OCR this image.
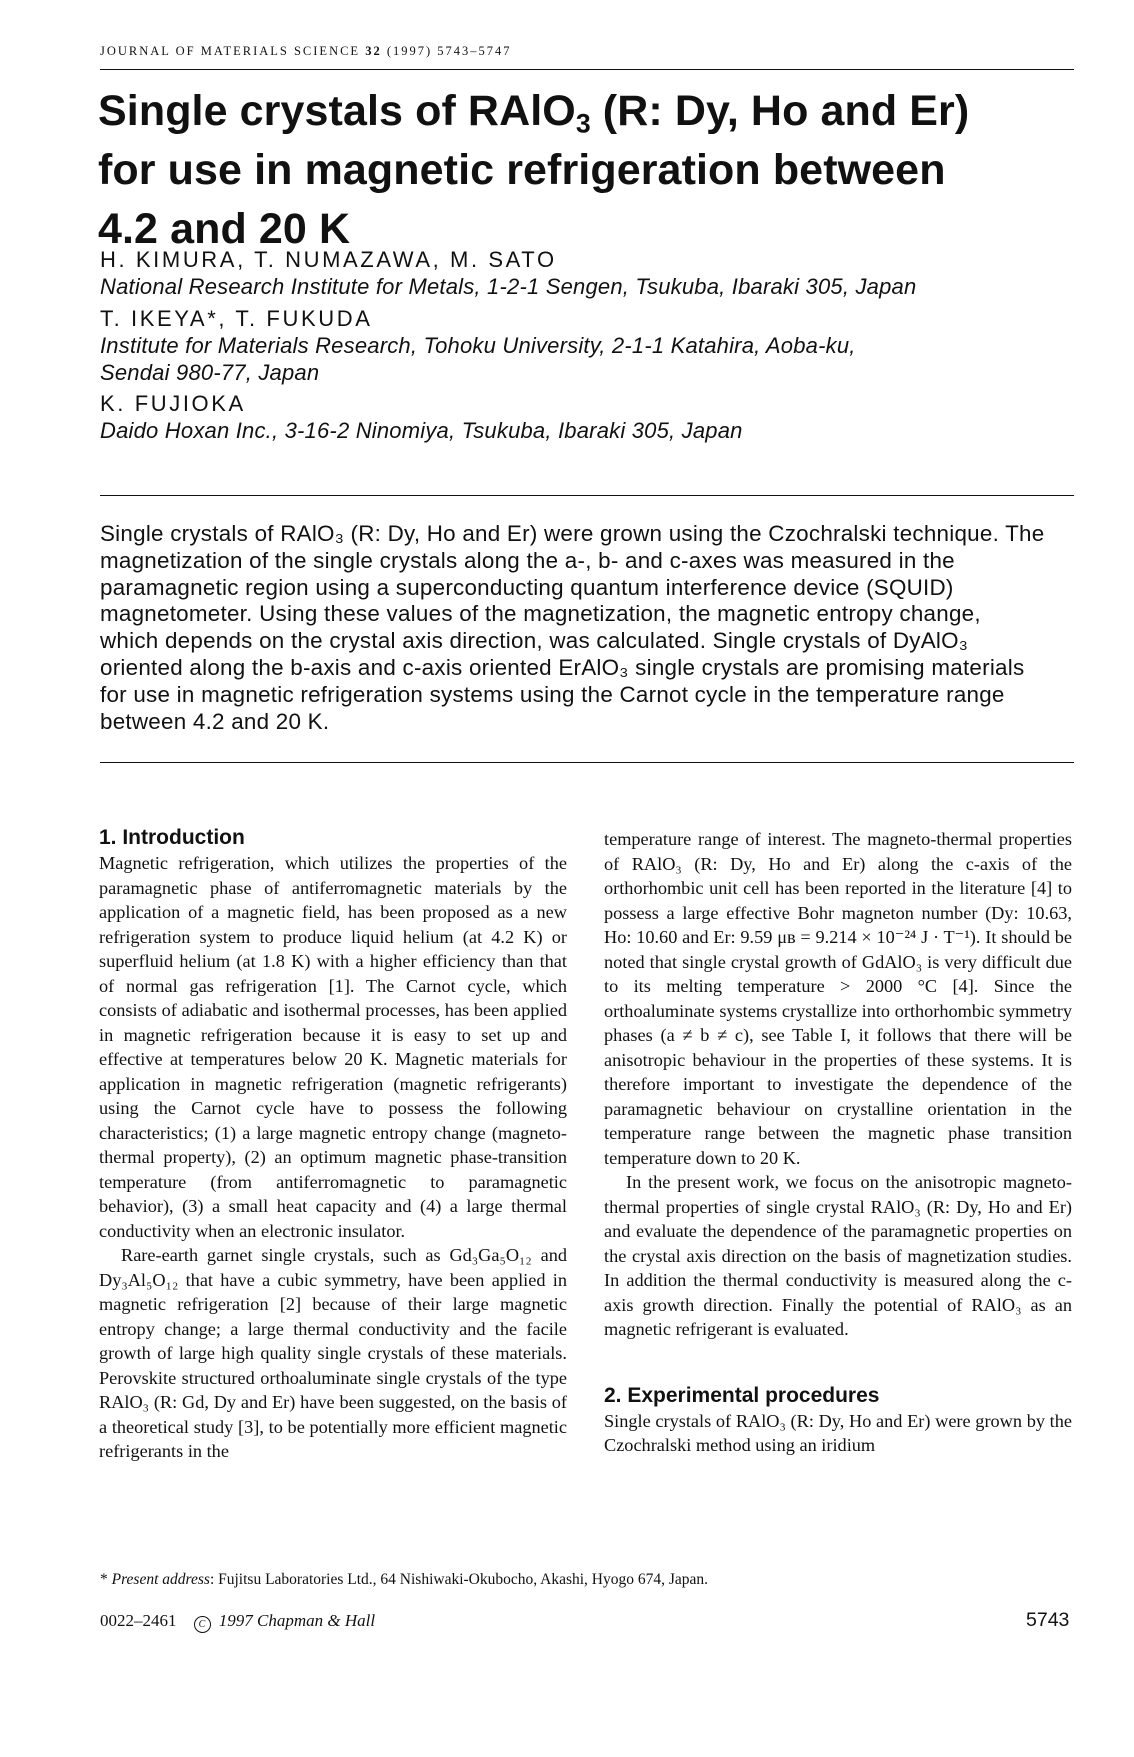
JOURNAL OF MATERIALS SCIENCE 32 (1997) 5743–5747
Single crystals of RAlO$_3$ (R: Dy, Ho and Er)
for use in magnetic refrigeration between
4.2 and 20 K
H. KIMURA, T. NUMAZAWA, M. SATO
National Research Institute for Metals, 1-2-1 Sengen, Tsukuba, Ibaraki 305, Japan
T. IKEYA*, T. FUKUDA
Institute for Materials Research, Tohoku University, 2-1-1 Katahira, Aoba-ku,
Sendai 980-77, Japan
K. FUJIOKA
Daido Hoxan Inc., 3-16-2 Ninomiya, Tsukuba, Ibaraki 305, Japan

Single crystals of RAlO₃ (R: Dy, Ho and Er) were grown using the Czochralski technique. The

magnetization of the single crystals along the a-, b- and c-axes was measured in the

paramagnetic region using a superconducting quantum interference device (SQUID)

magnetometer. Using these values of the magnetization, the magnetic entropy change,

which depends on the crystal axis direction, was calculated. Single crystals of DyAlO₃

oriented along the b-axis and c-axis oriented ErAlO₃ single crystals are promising materials

for use in magnetic refrigeration systems using the Carnot cycle in the temperature range

between 4.2 and 20 K.

1. Introduction

Magnetic refrigeration, which utilizes the properties of the paramagnetic phase of antiferromagnetic materials by the application of a magnetic field, has been proposed as a new refrigeration system to produce liquid helium (at 4.2 K) or superfluid helium (at 1.8 K) with a higher efficiency than that of normal gas refrigeration [1]. The Carnot cycle, which consists of adiabatic and isothermal processes, has been applied in magnetic refrigeration because it is easy to set up and effective at temperatures below 20 K. Magnetic materials for application in magnetic refrigeration (magnetic refrigerants) using the Carnot cycle have to possess the following characteristics; (1) a large magnetic entropy change (magneto-thermal property), (2) an optimum magnetic phase-transition temperature (from antiferromagnetic to paramagnetic behavior), (3) a small heat capacity and (4) a large thermal conductivity when an electronic insulator.

Rare-earth garnet single crystals, such as Gd₃Ga₅O₁₂ and Dy₃Al₅O₁₂ that have a cubic symmetry, have been applied in magnetic refrigeration [2] because of their large magnetic entropy change; a large thermal conductivity and the facile growth of large high quality single crystals of these materials. Perovskite structured orthoaluminate single crystals of the type RAlO₃ (R: Gd, Dy and Er) have been suggested, on the basis of a theoretical study [3], to be potentially more efficient magnetic refrigerants in the

temperature range of interest. The magneto-thermal properties of RAlO₃ (R: Dy, Ho and Er) along the c-axis of the orthorhombic unit cell has been reported in the literature [4] to possess a large effective Bohr magneton number (Dy: 10.63, Ho: 10.60 and Er: 9.59 μʙ = 9.214 × 10⁻²⁴ J · T⁻¹). It should be noted that single crystal growth of GdAlO₃ is very difficult due to its melting temperature > 2000 °C [4]. Since the orthoaluminate systems crystallize into orthorhombic symmetry phases (a ≠ b ≠ c), see Table I, it follows that there will be anisotropic behaviour in the properties of these systems. It is therefore important to investigate the dependence of the paramagnetic behaviour on crystalline orientation in the temperature range between the magnetic phase transition temperature down to 20 K.

In the present work, we focus on the anisotropic magneto-thermal properties of single crystal RAlO₃ (R: Dy, Ho and Er) and evaluate the dependence of the paramagnetic properties on the crystal axis direction on the basis of magnetization studies. In addition the thermal conductivity is measured along the c-axis growth direction. Finally the potential of RAlO₃ as an magnetic refrigerant is evaluated.

2. Experimental procedures

Single crystals of RAlO₃ (R: Dy, Ho and Er) were grown by the Czochralski method using an iridium

* Present address: Fujitsu Laboratories Ltd., 64 Nishiwaki-Okubocho, Akashi, Hyogo 674, Japan.
0022–2461 C 1997 Chapman & Hall	5743
